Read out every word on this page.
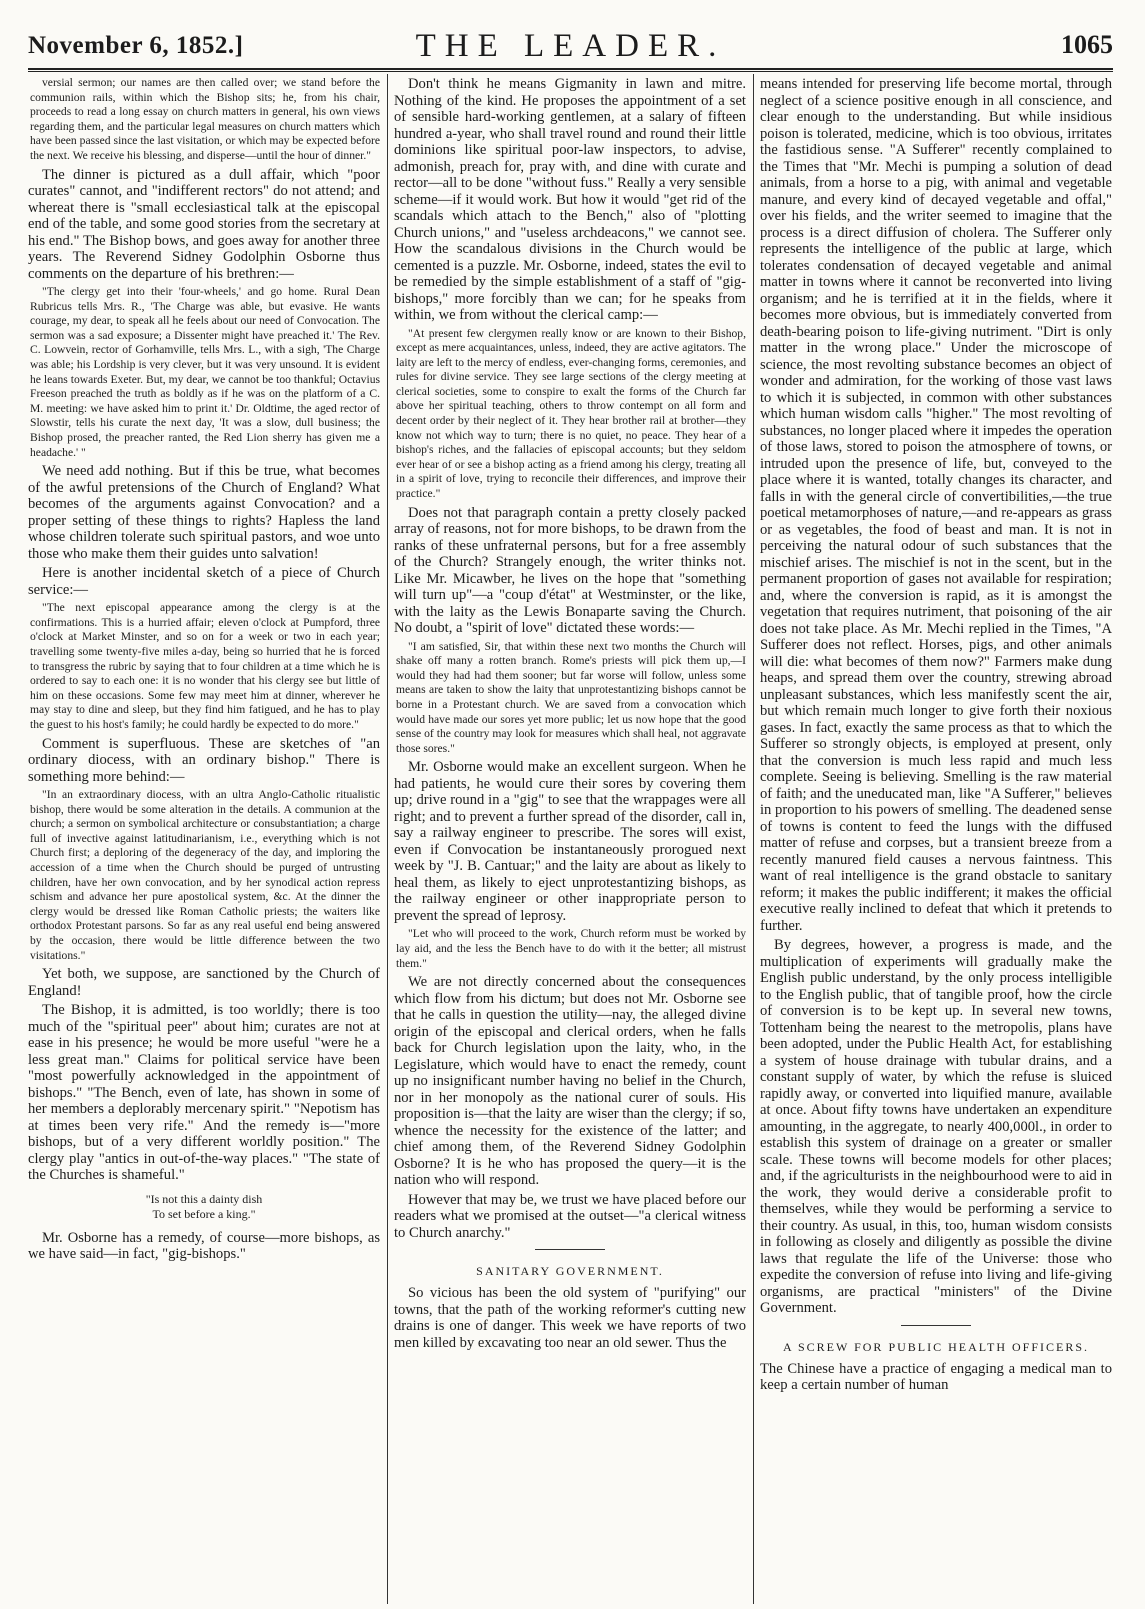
November 6, 1852.]	THE LEADER.	1065

versial sermon; our names are then called over; we stand before the communion rails, within which the Bishop sits; he, from his chair, proceeds to read a long essay on church matters in general, his own views regarding them, and the particular legal measures on church matters which have been passed since the last visitation, or which may be expected before the next. We receive his blessing, and disperse—until the hour of dinner."

The dinner is pictured as a dull affair, which "poor curates" cannot, and "indifferent rectors" do not attend; and whereat there is "small ecclesiastical talk at the episcopal end of the table, and some good stories from the secretary at his end." The Bishop bows, and goes away for another three years. The Reverend Sidney Godolphin Osborne thus comments on the departure of his brethren:—

"The clergy get into their 'four-wheels,' and go home. Rural Dean Rubricus tells Mrs. R., 'The Charge was able, but evasive. He wants courage, my dear, to speak all he feels about our need of Convocation. The sermon was a sad exposure; a Dissenter might have preached it.' The Rev. C. Lowvein, rector of Gorhamville, tells Mrs. L., with a sigh, 'The Charge was able; his Lordship is very clever, but it was very unsound. It is evident he leans towards Exeter. But, my dear, we cannot be too thankful; Octavius Freeson preached the truth as boldly as if he was on the platform of a C. M. meeting: we have asked him to print it.' Dr. Oldtime, the aged rector of Slowstir, tells his curate the next day, 'It was a slow, dull business; the Bishop prosed, the preacher ranted, the Red Lion sherry has given me a headache.' "

We need add nothing. But if this be true, what becomes of the awful pretensions of the Church of England? What becomes of the arguments against Convocation? and a proper setting of these things to rights? Hapless the land whose children tolerate such spiritual pastors, and woe unto those who make them their guides unto salvation!

Here is another incidental sketch of a piece of Church service:—

"The next episcopal appearance among the clergy is at the confirmations. This is a hurried affair; eleven o'clock at Pumpford, three o'clock at Market Minster, and so on for a week or two in each year; travelling some twenty-five miles a-day, being so hurried that he is forced to transgress the rubric by saying that to four children at a time which he is ordered to say to each one: it is no wonder that his clergy see but little of him on these occasions. Some few may meet him at dinner, wherever he may stay to dine and sleep, but they find him fatigued, and he has to play the guest to his host's family; he could hardly be expected to do more."

Comment is superfluous. These are sketches of "an ordinary diocess, with an ordinary bishop." There is something more behind:—

"In an extraordinary diocess, with an ultra Anglo-Catholic ritualistic bishop, there would be some alteration in the details. A communion at the church; a sermon on symbolical architecture or consubstantiation; a charge full of invective against latitudinarianism, i.e., everything which is not Church first; a deploring of the degeneracy of the day, and imploring the accession of a time when the Church should be purged of untrusting children, have her own convocation, and by her synodical action repress schism and advance her pure apostolical system, &c. At the dinner the clergy would be dressed like Roman Catholic priests; the waiters like orthodox Protestant parsons. So far as any real useful end being answered by the occasion, there would be little difference between the two visitations."

Yet both, we suppose, are sanctioned by the Church of England!

The Bishop, it is admitted, is too worldly; there is too much of the "spiritual peer" about him; curates are not at ease in his presence; he would be more useful "were he a less great man." Claims for political service have been "most powerfully acknowledged in the appointment of bishops." "The Bench, even of late, has shown in some of her members a deplorably mercenary spirit." "Nepotism has at times been very rife." And the remedy is—"more bishops, but of a very different worldly position." The clergy play "antics in out-of-the-way places." "The state of the Churches is shameful."

"Is not this a dainty dish
To set before a king."

Mr. Osborne has a remedy, of course—more bishops, as we have said—in fact, "gig-bishops."

Don't think he means Gigmanity in lawn and mitre. Nothing of the kind. He proposes the appointment of a set of sensible hard-working gentlemen, at a salary of fifteen hundred a-year, who shall travel round and round their little dominions like spiritual poor-law inspectors, to advise, admonish, preach for, pray with, and dine with curate and rector—all to be done "without fuss." Really a very sensible scheme—if it would work. But how it would "get rid of the scandals which attach to the Bench," also of "plotting Church unions," and "useless archdeacons," we cannot see. How the scandalous divisions in the Church would be cemented is a puzzle. Mr. Osborne, indeed, states the evil to be remedied by the simple establishment of a staff of "gig-bishops," more forcibly than we can; for he speaks from within, we from without the clerical camp:—

"At present few clergymen really know or are known to their Bishop, except as mere acquaintances, unless, indeed, they are active agitators. The laity are left to the mercy of endless, ever-changing forms, ceremonies, and rules for divine service. They see large sections of the clergy meeting at clerical societies, some to conspire to exalt the forms of the Church far above her spiritual teaching, others to throw contempt on all form and decent order by their neglect of it. They hear brother rail at brother—they know not which way to turn; there is no quiet, no peace. They hear of a bishop's riches, and the fallacies of episcopal accounts; but they seldom ever hear of or see a bishop acting as a friend among his clergy, treating all in a spirit of love, trying to reconcile their differences, and improve their practice."

Does not that paragraph contain a pretty closely packed array of reasons, not for more bishops, to be drawn from the ranks of these unfraternal persons, but for a free assembly of the Church? Strangely enough, the writer thinks not. Like Mr. Micawber, he lives on the hope that "something will turn up"—a "coup d'état" at Westminster, or the like, with the laity as the Lewis Bonaparte saving the Church. No doubt, a "spirit of love" dictated these words:—

"I am satisfied, Sir, that within these next two months the Church will shake off many a rotten branch. Rome's priests will pick them up,—I would they had had them sooner; but far worse will follow, unless some means are taken to show the laity that unprotestantizing bishops cannot be borne in a Protestant church. We are saved from a convocation which would have made our sores yet more public; let us now hope that the good sense of the country may look for measures which shall heal, not aggravate those sores."

Mr. Osborne would make an excellent surgeon. When he had patients, he would cure their sores by covering them up; drive round in a "gig" to see that the wrappages were all right; and to prevent a further spread of the disorder, call in, say a railway engineer to prescribe. The sores will exist, even if Convocation be instantaneously prorogued next week by "J. B. Cantuar;" and the laity are about as likely to heal them, as likely to eject unprotestantizing bishops, as the railway engineer or other inappropriate person to prevent the spread of leprosy.

"Let who will proceed to the work, Church reform must be worked by lay aid, and the less the Bench have to do with it the better; all mistrust them."

We are not directly concerned about the consequences which flow from his dictum; but does not Mr. Osborne see that he calls in question the utility—nay, the alleged divine origin of the episcopal and clerical orders, when he falls back for Church legislation upon the laity, who, in the Legislature, which would have to enact the remedy, count up no insignificant number having no belief in the Church, nor in her monopoly as the national curer of souls. His proposition is—that the laity are wiser than the clergy; if so, whence the necessity for the existence of the latter; and chief among them, of the Reverend Sidney Godolphin Osborne? It is he who has proposed the query—it is the nation who will respond.

However that may be, we trust we have placed before our readers what we promised at the outset—"a clerical witness to Church anarchy."

SANITARY GOVERNMENT.

So vicious has been the old system of "purifying" our towns, that the path of the working reformer's cutting new drains is one of danger. This week we have reports of two men killed by excavating too near an old sewer. Thus the

means intended for preserving life become mortal, through neglect of a science positive enough in all conscience, and clear enough to the understanding. But while insidious poison is tolerated, medicine, which is too obvious, irritates the fastidious sense. "A Sufferer" recently complained to the Times that "Mr. Mechi is pumping a solution of dead animals, from a horse to a pig, with animal and vegetable manure, and every kind of decayed vegetable and offal," over his fields, and the writer seemed to imagine that the process is a direct diffusion of cholera. The Sufferer only represents the intelligence of the public at large, which tolerates condensation of decayed vegetable and animal matter in towns where it cannot be reconverted into living organism; and he is terrified at it in the fields, where it becomes more obvious, but is immediately converted from death-bearing poison to life-giving nutriment. "Dirt is only matter in the wrong place." Under the microscope of science, the most revolting substance becomes an object of wonder and admiration, for the working of those vast laws to which it is subjected, in common with other substances which human wisdom calls "higher." The most revolting of substances, no longer placed where it impedes the operation of those laws, stored to poison the atmosphere of towns, or intruded upon the presence of life, but, conveyed to the place where it is wanted, totally changes its character, and falls in with the general circle of convertibilities,—the true poetical metamorphoses of nature,—and re-appears as grass or as vegetables, the food of beast and man. It is not in perceiving the natural odour of such substances that the mischief arises. The mischief is not in the scent, but in the permanent proportion of gases not available for respiration; and, where the conversion is rapid, as it is amongst the vegetation that requires nutriment, that poisoning of the air does not take place. As Mr. Mechi replied in the Times, "A Sufferer does not reflect. Horses, pigs, and other animals will die: what becomes of them now?" Farmers make dung heaps, and spread them over the country, strewing abroad unpleasant substances, which less manifestly scent the air, but which remain much longer to give forth their noxious gases. In fact, exactly the same process as that to which the Sufferer so strongly objects, is employed at present, only that the conversion is much less rapid and much less complete. Seeing is believing. Smelling is the raw material of faith; and the uneducated man, like "A Sufferer," believes in proportion to his powers of smelling. The deadened sense of towns is content to feed the lungs with the diffused matter of refuse and corpses, but a transient breeze from a recently manured field causes a nervous faintness. This want of real intelligence is the grand obstacle to sanitary reform; it makes the public indifferent; it makes the official executive really inclined to defeat that which it pretends to further.

By degrees, however, a progress is made, and the multiplication of experiments will gradually make the English public understand, by the only process intelligible to the English public, that of tangible proof, how the circle of conversion is to be kept up. In several new towns, Tottenham being the nearest to the metropolis, plans have been adopted, under the Public Health Act, for establishing a system of house drainage with tubular drains, and a constant supply of water, by which the refuse is sluiced rapidly away, or converted into liquified manure, available at once. About fifty towns have undertaken an expenditure amounting, in the aggregate, to nearly 400,000l., in order to establish this system of drainage on a greater or smaller scale. These towns will become models for other places; and, if the agriculturists in the neighbourhood were to aid in the work, they would derive a considerable profit to themselves, while they would be performing a service to their country. As usual, in this, too, human wisdom consists in following as closely and diligently as possible the divine laws that regulate the life of the Universe: those who expedite the conversion of refuse into living and life-giving organisms, are practical "ministers" of the Divine Government.

A SCREW FOR PUBLIC HEALTH OFFICERS.

The Chinese have a practice of engaging a medical man to keep a certain number of human
